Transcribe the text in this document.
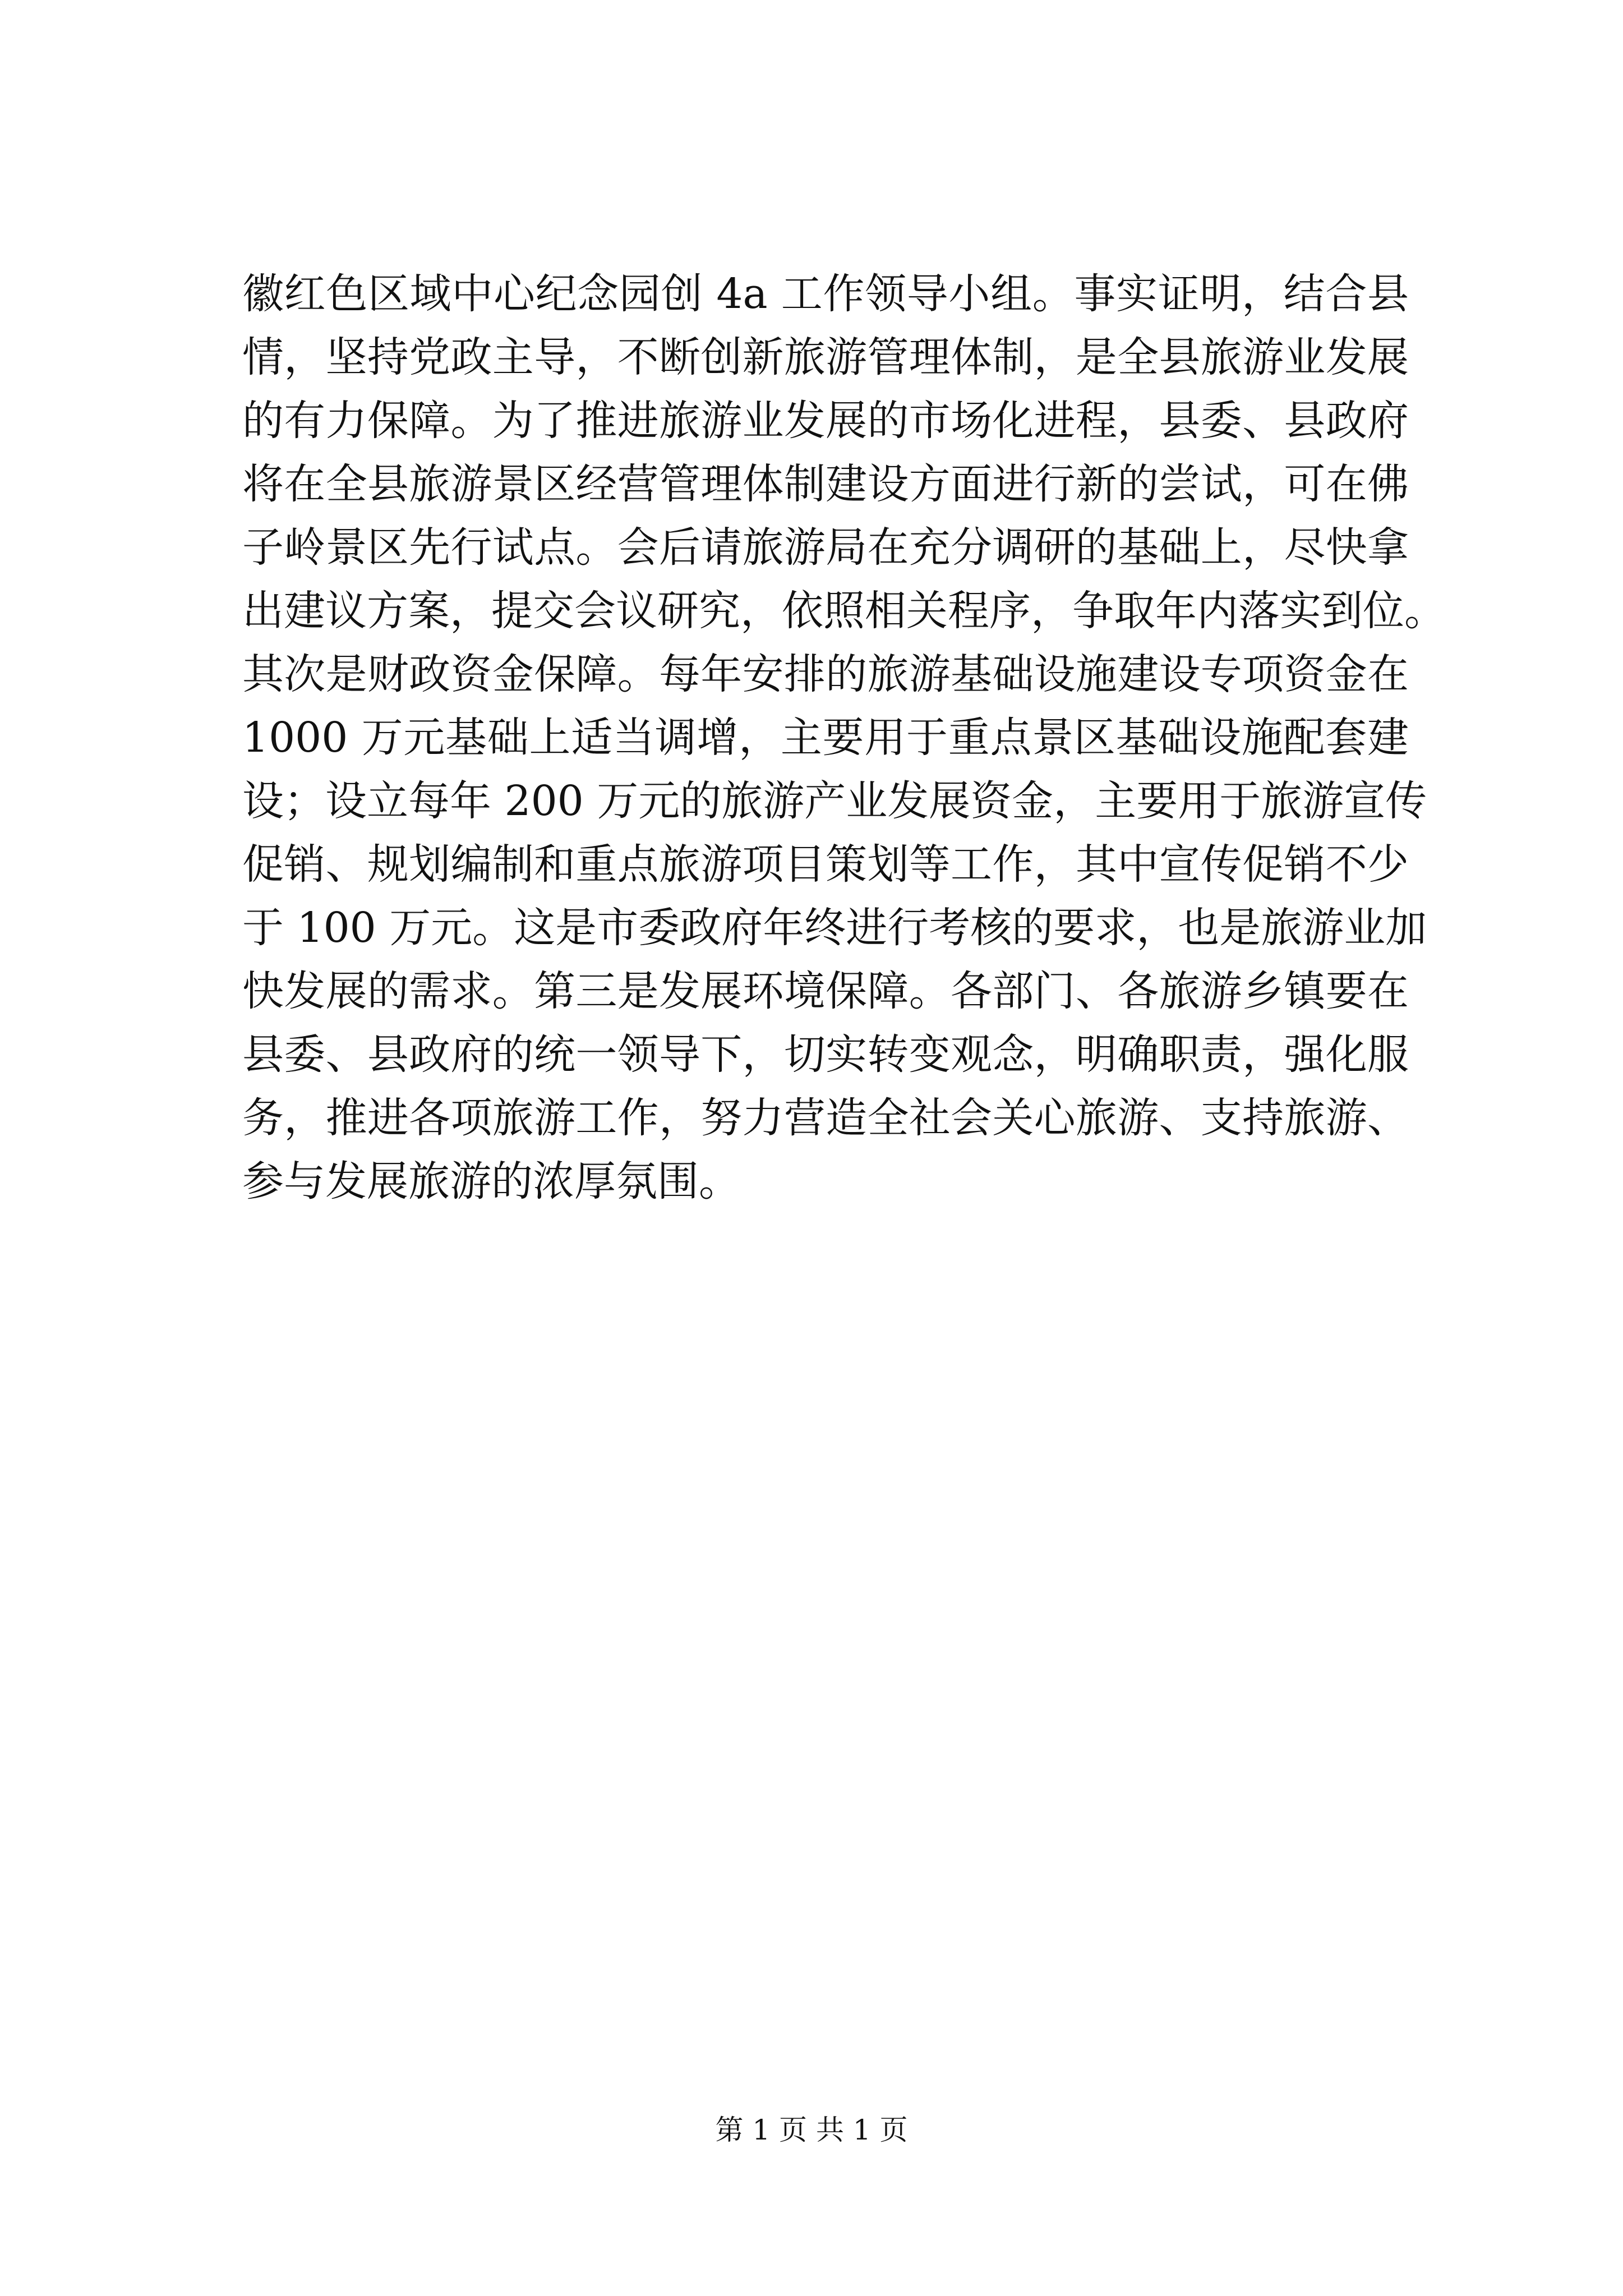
徽红色区域中心纪念园创 4a 工作领导小组。事实证明，结合县
情，坚持党政主导，不断创新旅游管理体制，是全县旅游业发展
的有力保障。为了推进旅游业发展的市场化进程，县委、县政府
将在全县旅游景区经营管理体制建设方面进行新的尝试，可在佛
子岭景区先行试点。会后请旅游局在充分调研的基础上，尽快拿
出建议方案，提交会议研究，依照相关程序，争取年内落实到位。
其次是财政资金保障。每年安排的旅游基础设施建设专项资金在
1000 万元基础上适当调增，主要用于重点景区基础设施配套建
设；设立每年 200 万元的旅游产业发展资金，主要用于旅游宣传
促销、规划编制和重点旅游项目策划等工作，其中宣传促销不少
于 100 万元。这是市委政府年终进行考核的要求，也是旅游业加
快发展的需求。第三是发展环境保障。各部门、各旅游乡镇要在
县委、县政府的统一领导下，切实转变观念，明确职责，强化服
务，推进各项旅游工作，努力营造全社会关心旅游、支持旅游、
参与发展旅游的浓厚氛围。
第 1 页 共 1 页
